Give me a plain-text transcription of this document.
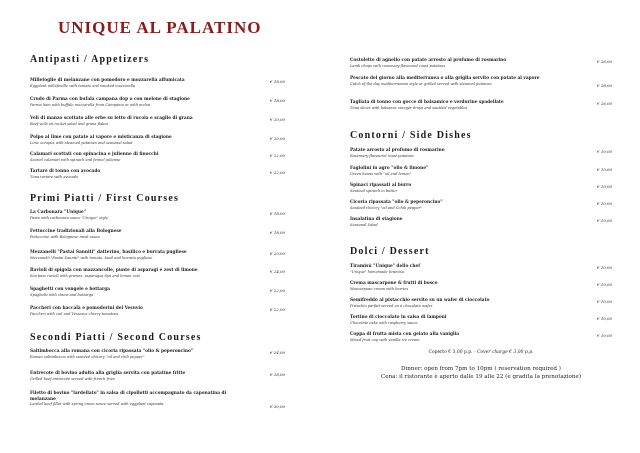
UNIQUE AL PALATINO
Antipasti / Appetizers
Millefoglie di melanzane con pomodoro e mozzarella affumicata
Eggplant millefeuille with tomato and smoked mozzarella
€ 18,00
Crudo di Parma con bufala campana dop o con melone di stagione
Parma ham with buffalo mozzarella from Campania or with melon
€ 18,00
Veli di manzo scottato alle erbe su letto di rucola e scaglie di grana
Beef veils on rocket salad and grana flakes
€ 20,00
Polpo al lime con patate al vapore e misticanza di stagione
Lime octopus with steamed potatoes and seasonal salad
€ 20,00
Calamari scottati con spinacina e julienne di finocchi
Seared calamari with spinach and fennel julienne
€ 22,00
Tartare di tonno con avocado
Tuna tartare with avocado
€ 22,00
Primi Piatti / First Courses
La Carbonara "Unique"
Pasta with carbonara sauce "Unique" style
€ 18,00
Fettuccine tradizionali alla Bolognese
Fettuccine with Bolognese meat sauce
€ 18,00
Mezzanelli "Pastai Sanniti" datterino, basilico e burrata pugliese
Mezzanelli "Pastai Sanniti" with tomato, basil and burrata pugliese
€ 20,00
Ravioli di spigola con mazzancolle, punte di asparagi e zest di limone
Sea bass ravioli with prawns, asparagus tips and lemon zest
€ 24,00
Spaghetti con vongole e bottarga
Spaghetti with clams and bottarga
€ 22,00
Paccheri con baccalà e pomodorini del Vesuvio
Paccheri with cod and Vesuvius cherry tomatoes
€ 22,00
Secondi Piatti / Second Courses
Saltimbocca alla romana con cicoria ripassata "olio & peperoncino"
Roman saltimbocca with sautéed chicory "oil and chili pepper"
€ 24,00
Entrecote di bovino adulto alla griglia servita con patatine fritte
Grilled beef entrecote served with french fries
€ 28,00
Filetto di bovino "lardellato" in salsa di cipollotti accompagnato da caponatina di melanzane
Larded beef fillet with spring onion sauce served with eggplant caponata	€ 30,00
Costolette di agnello con patate arrosto al profumo di rosmarino
Lamb chops with rosemary-flavoured roast potatoes
€ 26,00
Pescato del giorno alla mediterranea o alla griglia servito con patate al vapore
Catch of the day mediterranean style or grilled served with steamed potatoes	€ 28,00
Tagliata di tonno con gocce di balsamico e verdurine spadellate
Tuna slices with balsamic vinegar drops and sautéed vegetables
€ 26,00
Contorni / Side Dishes
Patate arrosto al profumo di rosmarino
Rosemary-flavoured roast potatoes
€ 10,00
Fagiolini in agro "olio & limone"
Green beans with "oil and lemon"
€ 10,00
Spinaci ripassati al burro
Sautéed spinach in butter
€ 10,00
Cicoria ripassata "olio & peperoncino"
Sautéed chicory "oil and Cchili pepper"
€ 10,00
Insalatina di stagione
Seasonal Salad
€ 10,00
Dolci / Dessert
Tiramisù "Unique" dello chef
"Unique" homemade tiramisu
€ 10,00
Crema mascarpone & frutti di bosco
Mascarpone cream with berries
€ 10,00
Semifreddo al pistacchio servito su un wafer di cioccolato
Pistachio parfait served on a chocolate wafer
€ 10,00
Tortino di cioccolato in salsa di lamponi
Chocolate cake with raspberry sauce
€ 10,00
Coppa di frutta mista con gelato alla vaniglia
Mixed fruit cup with vanilla ice cream
€ 10,00
Coperto € 3,00 p.p. - Cover charge € 3,00 p.p.
Dinner: open from 7pm to 10pm ( reservation required )
Cena: il ristorante è aperto dalle 19 alle 22 (è gradita la prenotazione)
